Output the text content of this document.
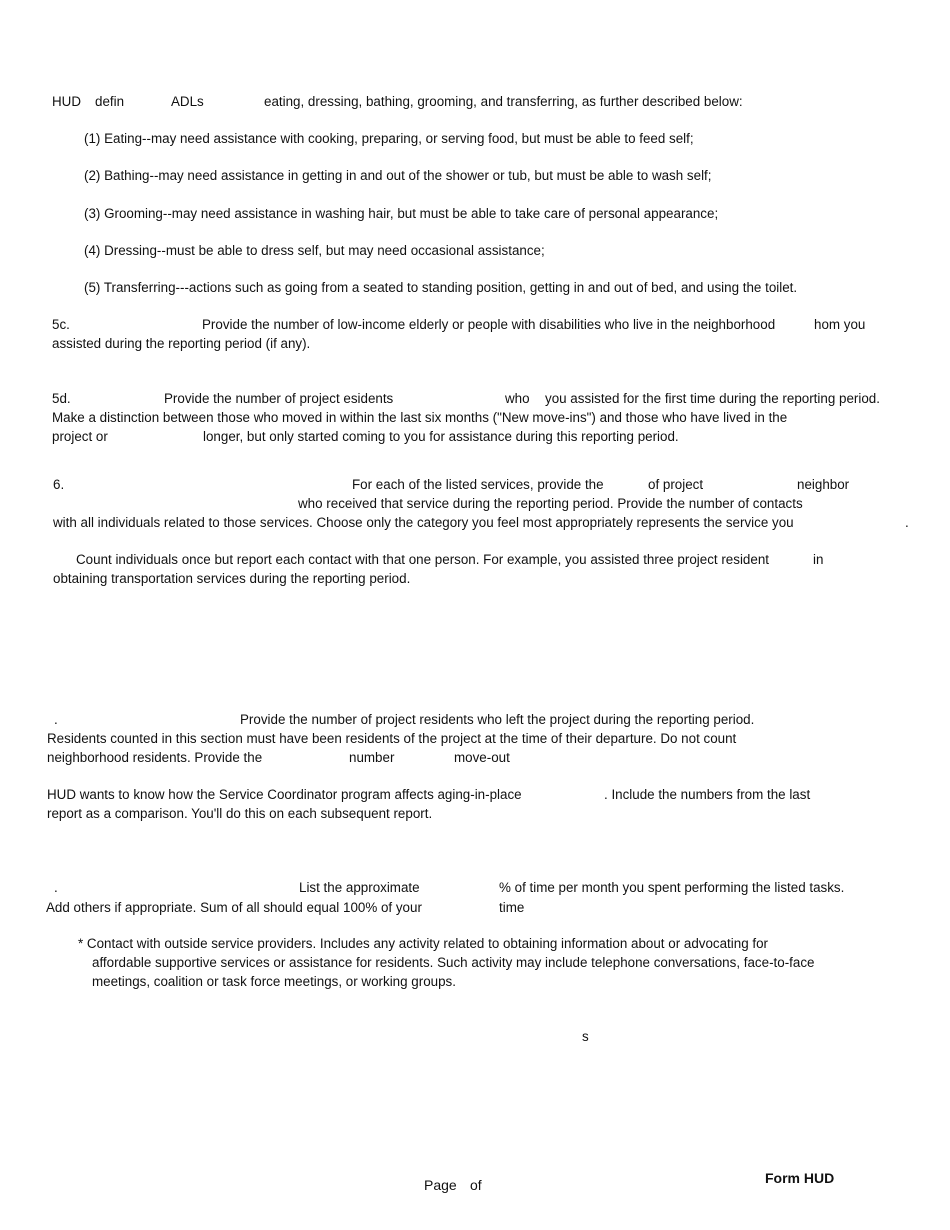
HUD defin	ADLs	eating, dressing, bathing, grooming, and transferring, as further described below:

(1) Eating--may need assistance with cooking, preparing, or serving food, but must be able to feed self;

(2) Bathing--may need assistance in getting in and out of the shower or tub, but must be able to wash self;

(3) Grooming--may need assistance in washing hair, but must be able to take care of personal appearance;

(4) Dressing--must be able to dress self, but may need occasional assistance;

(5) Transferring---actions such as going from a seated to standing position, getting in and out of bed, and using the toilet.

5c.	Provide the number of low-income elderly or people with disabilities who live in the neighborhood	hom you

assisted during the reporting period (if any).

5d.	Provide the number of project esidents	who you assisted for the first time during the reporting period.

Make a distinction between those who moved in within the last six months ("New move-ins") and those who have lived in the

project or	longer, but only started coming to you for assistance during this reporting period.

6.	For each of the listed services, provide the	of project	neighbor

who received that service during the reporting period. Provide the number of contacts

with all individuals related to those services. Choose only the category you feel most appropriately represents the service you	.

Count individuals once but report each contact with that one person. For example, you assisted three project resident	in

obtaining transportation services during the reporting period.

.	Provide the number of project residents who left the project during the reporting period.

Residents counted in this section must have been residents of the project at the time of their departure. Do not count

neighborhood residents. Provide the	number	move-out

HUD wants to know how the Service Coordinator program affects aging-in-place	. Include the numbers from the last

report as a comparison. You'll do this on each subsequent report.

.	List the approximate	% of time per month you spent performing the listed tasks.

Add others if appropriate. Sum of all should equal 100% of your	time

* Contact with outside service providers. Includes any activity related to obtaining information about or advocating for

affordable supportive services or assistance for residents. Such activity may include telephone conversations, face-to-face

meetings, coalition or task force meetings, or working groups.

s

Page of	Form HUD
